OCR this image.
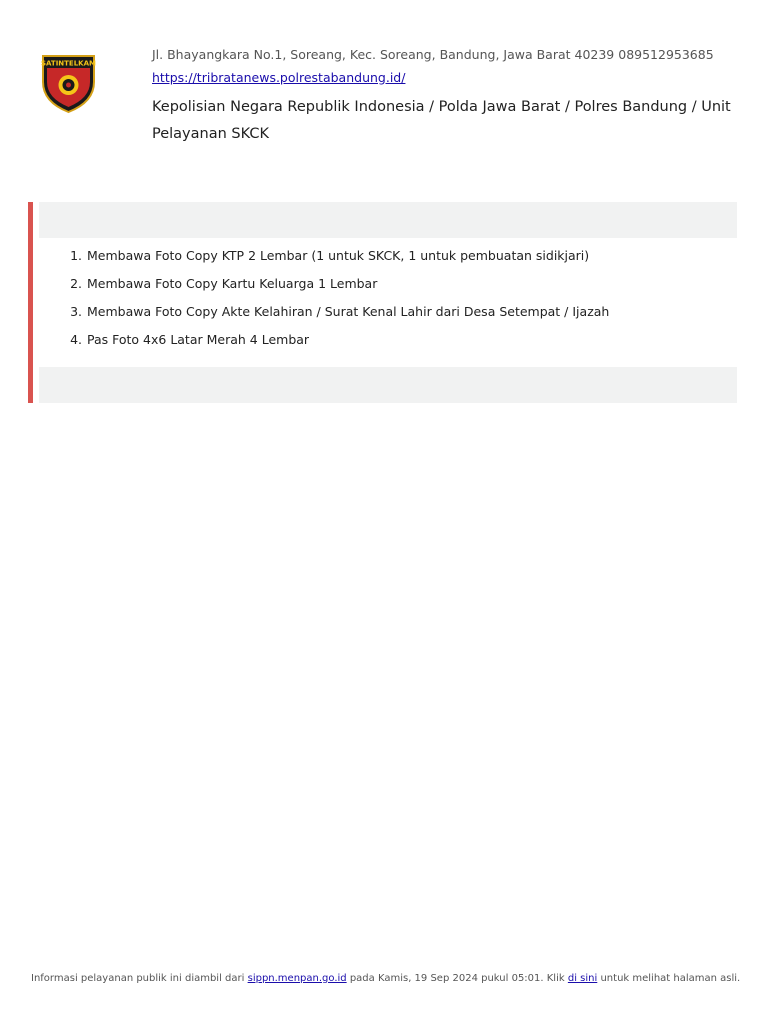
SATINTELKAM
Jl. Bhayangkara No.1, Soreang, Kec. Soreang, Bandung, Jawa Barat 40239 089512953685
https://tribratanews.polrestabandung.id/
Kepolisian Negara Republik Indonesia / Polda Jawa Barat / Polres Bandung / Unit Pelayanan SKCK
1. Membawa Foto Copy KTP 2 Lembar (1 untuk SKCK, 1 untuk pembuatan sidikjari)
2. Membawa Foto Copy Kartu Keluarga 1 Lembar
3. Membawa Foto Copy Akte Kelahiran / Surat Kenal Lahir dari Desa Setempat / Ijazah
4. Pas Foto 4x6 Latar Merah 4 Lembar
Informasi pelayanan publik ini diambil dari sippn.menpan.go.id pada Kamis, 19 Sep 2024 pukul 05:01. Klik di sini untuk melihat halaman asli.
